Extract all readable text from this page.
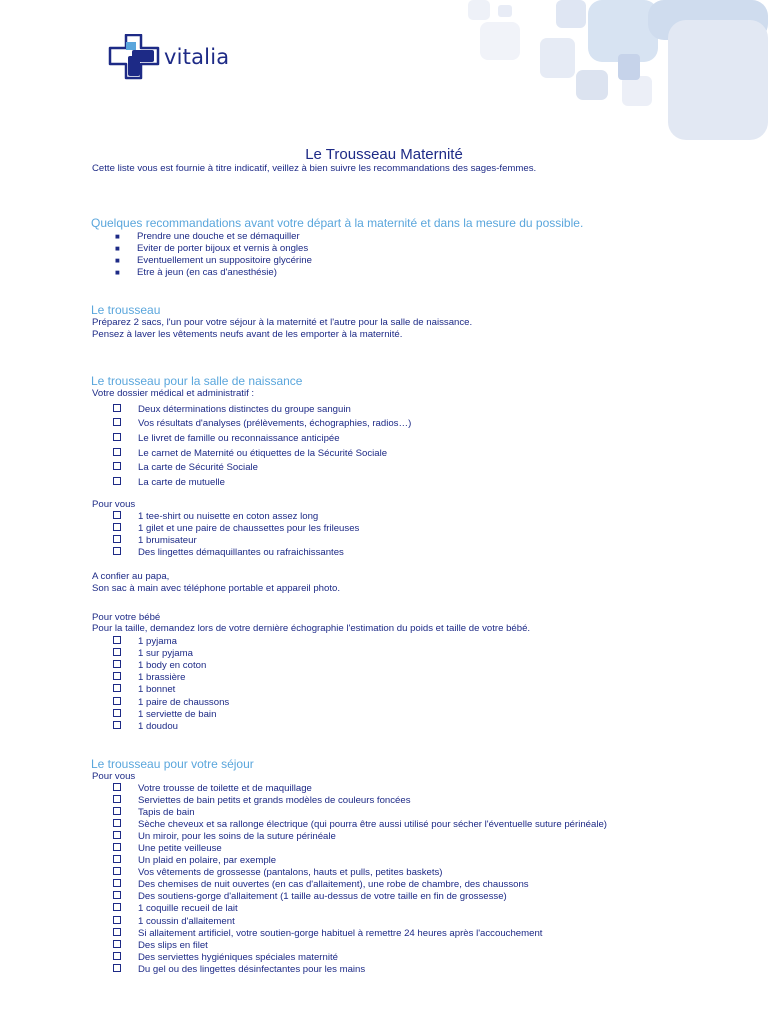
vitalia
Le Trousseau Maternité
Cette liste vous est fournie à titre indicatif, veillez à bien suivre les recommandations des sages-femmes.
Quelques recommandations avant votre départ à la maternité et dans la mesure du possible.
■	Prendre une douche et se démaquiller
■	Eviter de porter bijoux et vernis à ongles
■	Eventuellement un suppositoire glycérine
■	Etre à jeun (en cas d'anesthésie)
Le trousseau
Préparez 2 sacs, l'un pour votre séjour à la maternité et l'autre pour la salle de naissance.
Pensez à laver les vêtements neufs avant de les emporter à la maternité.
Le trousseau pour la salle de naissance
Votre dossier médical et administratif :
Deux déterminations distinctes du groupe sanguin
Vos résultats d'analyses (prélèvements, échographies, radios…)
Le livret de famille ou reconnaissance anticipée
Le carnet de Maternité ou étiquettes de la Sécurité Sociale
La carte de Sécurité Sociale
La carte de mutuelle
Pour vous
1 tee-shirt ou nuisette en coton assez long
1 gilet et une paire de chaussettes pour les frileuses
1 brumisateur
Des lingettes démaquillantes ou rafraichissantes
A confier au papa,
Son sac à main avec téléphone portable et appareil photo.
Pour votre bébé
Pour la taille, demandez lors de votre dernière échographie l'estimation du poids et taille de votre bébé.
1 pyjama
1 sur pyjama
1 body en coton
1 brassière
1 bonnet
1 paire de chaussons
1 serviette de bain
1 doudou
Le trousseau pour votre séjour
Pour vous
Votre trousse de toilette et de maquillage
Serviettes de bain petits et grands modèles de couleurs foncées
Tapis de bain
Sèche cheveux et sa rallonge électrique (qui pourra être aussi utilisé pour sécher l'éventuelle suture périnéale)
Un miroir, pour les soins de la suture périnéale
Une petite veilleuse
Un plaid en polaire, par exemple
Vos vêtements de grossesse (pantalons, hauts et pulls, petites baskets)
Des chemises de nuit ouvertes (en cas d'allaitement), une robe de chambre, des chaussons
Des soutiens-gorge d'allaitement (1 taille au-dessus de votre taille en fin de grossesse)
1 coquille recueil de lait
1 coussin d'allaitement
Si allaitement artificiel, votre soutien-gorge habituel à remettre 24 heures après l'accouchement
Des slips en filet
Des serviettes hygiéniques spéciales maternité
Du gel ou des lingettes désinfectantes pour les mains
